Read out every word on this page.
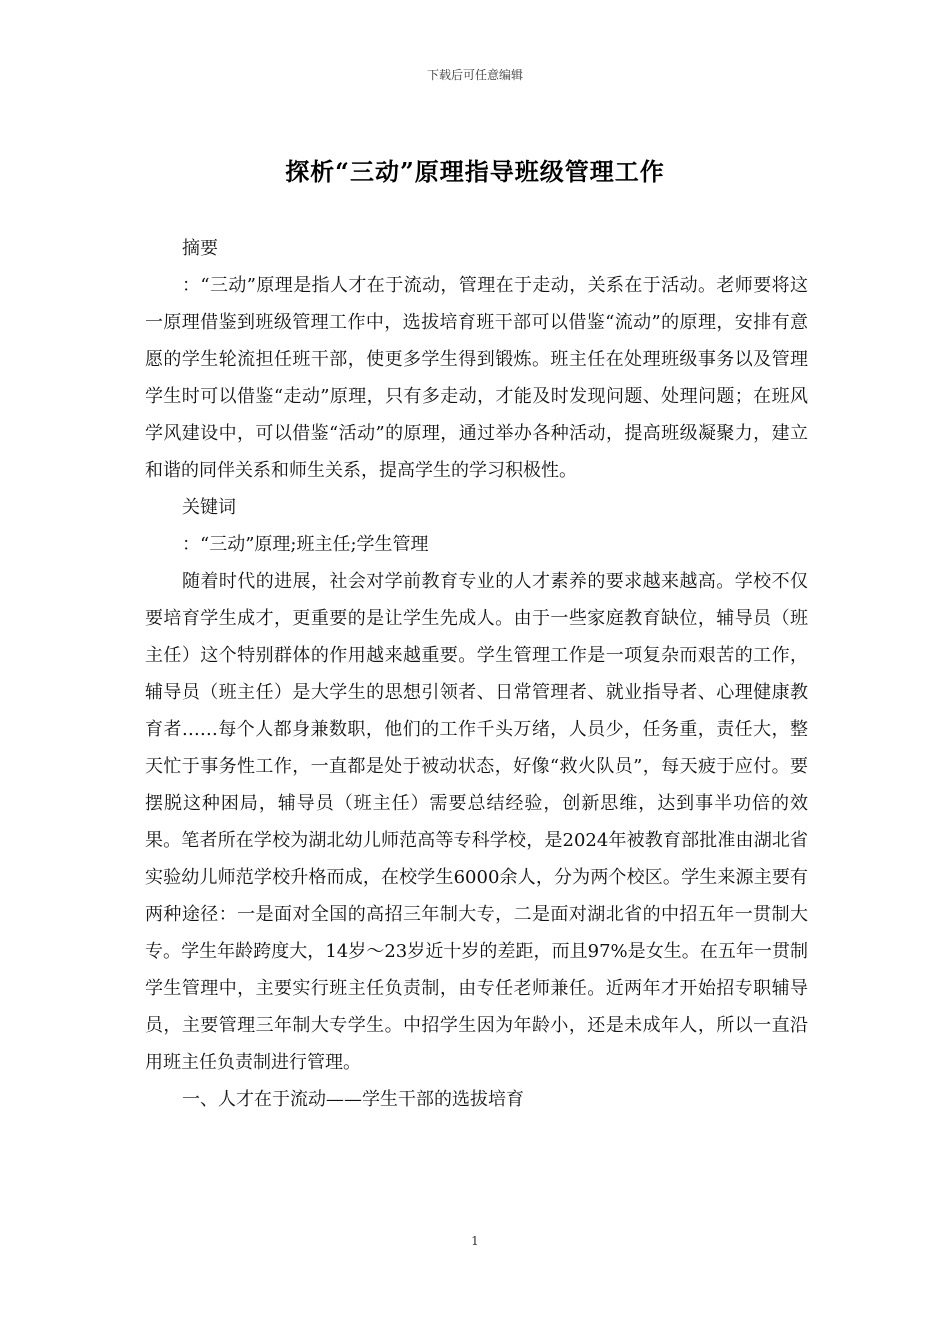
下载后可任意编辑
探析“三动”原理指导班级管理工作

摘要

：“三动”原理是指人才在于流动，管理在于走动，关系在于活动。老师要将这一原理借鉴到班级管理工作中，选拔培育班干部可以借鉴“流动”的原理，安排有意愿的学生轮流担任班干部，使更多学生得到锻炼。班主任在处理班级事务以及管理学生时可以借鉴“走动”原理，只有多走动，才能及时发现问题、处理问题；在班风学风建设中，可以借鉴“活动”的原理，通过举办各种活动，提高班级凝聚力，建立和谐的同伴关系和师生关系，提高学生的学习积极性。

关键词

：“三动”原理;班主任;学生管理

随着时代的进展，社会对学前教育专业的人才素养的要求越来越高。学校不仅要培育学生成才，更重要的是让学生先成人。由于一些家庭教育缺位，辅导员（班主任）这个特别群体的作用越来越重要。学生管理工作是一项复杂而艰苦的工作，辅导员（班主任）是大学生的思想引领者、日常管理者、就业指导者、心理健康教育者……每个人都身兼数职，他们的工作千头万绪，人员少，任务重，责任大，整天忙于事务性工作，一直都是处于被动状态，好像“救火队员”，每天疲于应付。要摆脱这种困局，辅导员（班主任）需要总结经验，创新思维，达到事半功倍的效果。笔者所在学校为湖北幼儿师范高等专科学校，是2024年被教育部批准由湖北省实验幼儿师范学校升格而成，在校学生6000余人，分为两个校区。学生来源主要有两种途径：一是面对全国的高招三年制大专，二是面对湖北省的中招五年一贯制大专。学生年龄跨度大，14岁～23岁近十岁的差距，而且97%是女生。在五年一贯制学生管理中，主要实行班主任负责制，由专任老师兼任。近两年才开始招专职辅导员，主要管理三年制大专学生。中招学生因为年龄小，还是未成年人，所以一直沿用班主任负责制进行管理。

一、人才在于流动——学生干部的选拔培育

1
